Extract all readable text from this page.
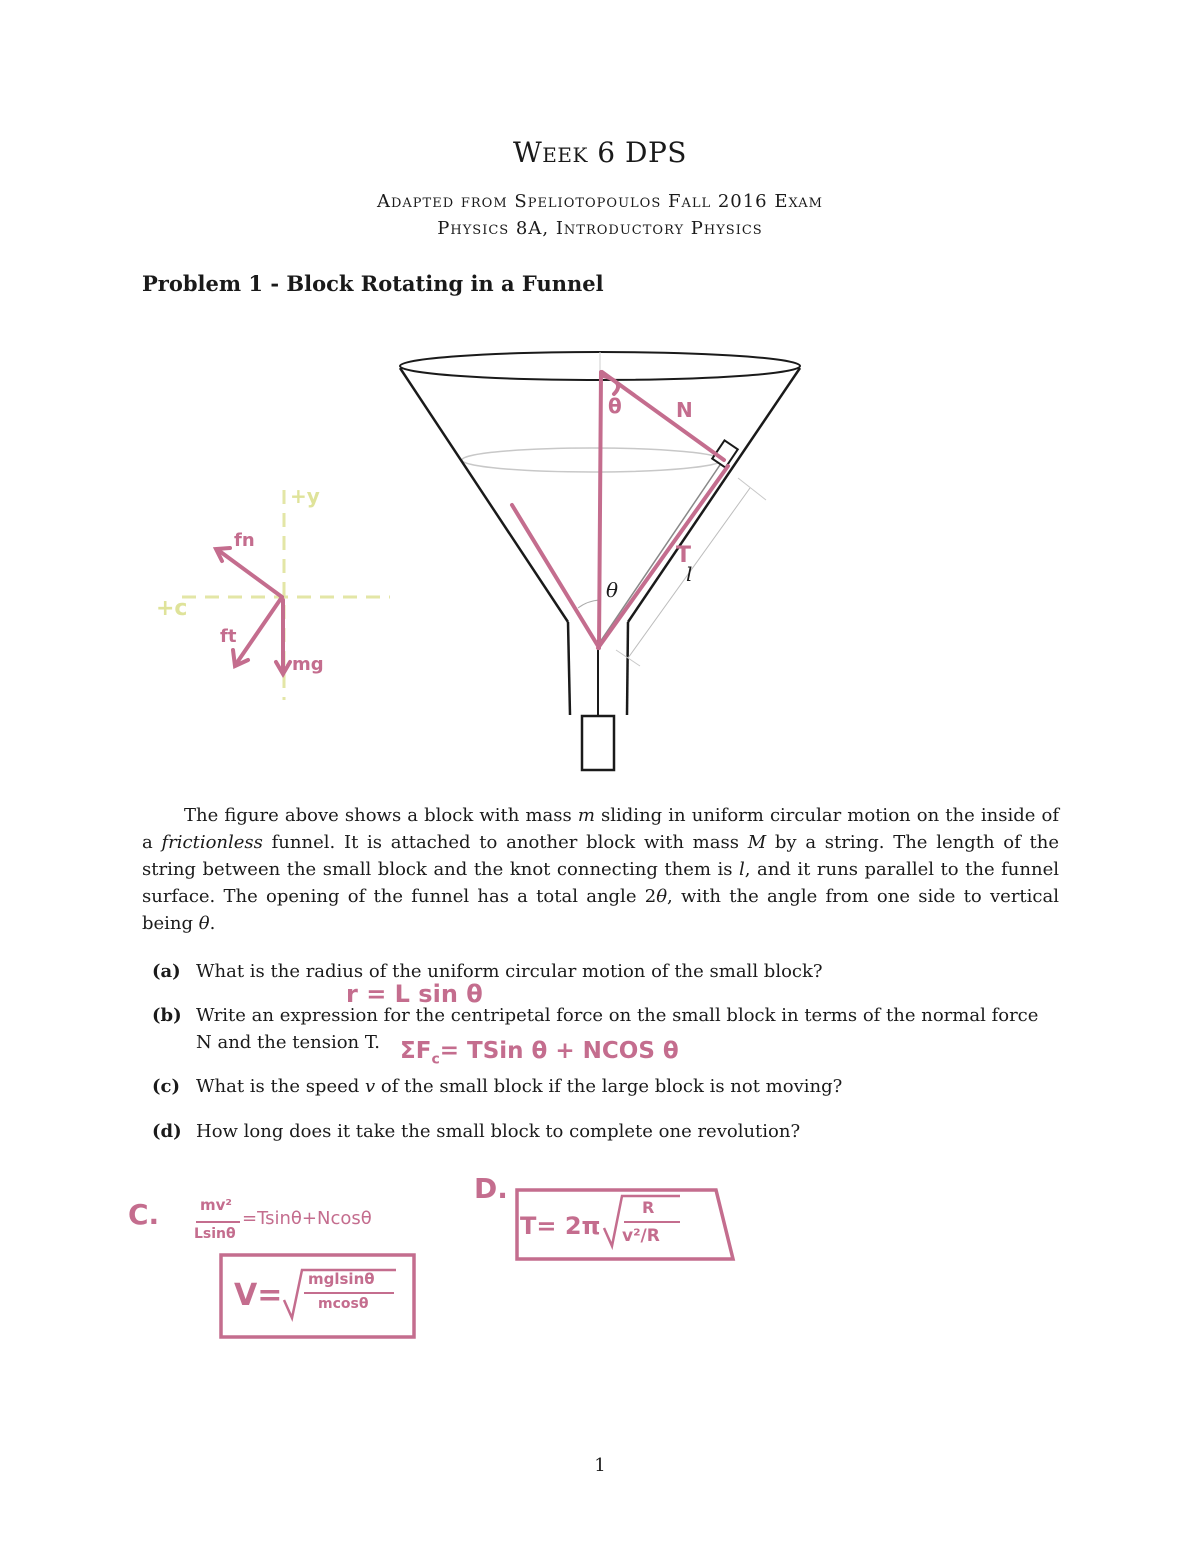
Week 6 DPS
Adapted from Speliotopoulos Fall 2016 Exam
Physics 8A, Introductory Physics
Problem 1 - Block Rotating in a Funnel
θ
l
θ	N
T
+y
+c
fn
ft
mg
The figure above shows a block with mass m sliding in uniform circular motion on the inside of a frictionless funnel. It is attached to another block with mass M by a string. The length of the string between the small block and the knot connecting them is l, and it runs parallel to the funnel surface. The opening of the funnel has a total angle 2θ, with the angle from one side to vertical being θ.
(a) What is the radius of the uniform circular motion of the small block?
(b) Write an expression for the centripetal force on the small block in terms of the normal force
N and the tension T.
(c) What is the speed v of the small block if the large block is not moving?
(d) How long does it take the small block to complete one revolution?
r = L sin θ
$\Sigma F_c=$ TSin θ + NCOS θ
C.	mv²
Lsinθ
=Tsinθ+Ncosθ
V= mglsinθ
mcosθ
D.
T= 2π
R
v²/R
1
